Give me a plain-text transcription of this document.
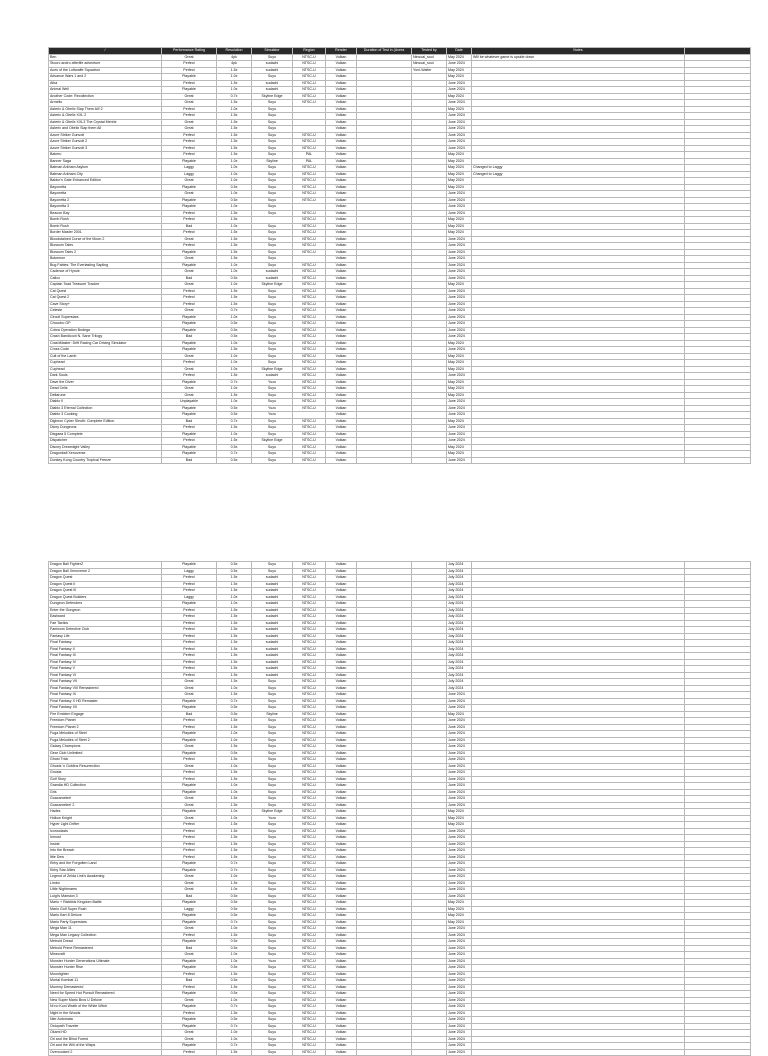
/	Performance Rating	Resolution	Simulator	Region	Render	Duration of Test in (Avera	Tested by	Date	Notes	
Ben	Great	4pk	Suyu	NTSC-U	Vulkan		Ninsoai_soul	May 2024	Will be whatever game is upside down	
Stoorc andro afterlife adventure	Perfect	4pk	sudachi	NTSC-U	Vulkan		Ninsoai_soul	June 2024		
Aces of the Luftwaffe Squadron	Perfect	1.5x	sudachi	NTSC-U	Vulkan		Yuni-Waifer	May 2024		
Advance Wars 1 and 2	Playable	1.0x	Suyu	NTSC-U	Vulkan			May 2024		
Alba	Perfect	1.5x	sudachi	NTSC-U	Vulkan			June 2024		
Animal Well	Playable	1.0x	sudachi	NTSC-U	Vulkan			June 2024		
Another Code: Recollection	Great	0.7x	Skyline Edge	NTSC-U	Vulkan			May 2024		
Armello	Great	1.5x	Suyu	NTSC-U	Vulkan			June 2024		
Asterix & Obelix Slap Them All! 2	Perfect	1.0x	Suyu		Vulkan			May 2024		
Asterix & Obelix XXL 2	Perfect	1.5x	Suyu		Vulkan			June 2024		
Asterix & Obelix XXL3 The Crystal Menhir	Great	1.5x	Suyu		Vulkan			June 2024		
Asterix and Obelix Slap them All	Great	1.5x	Suyu		Vulkan			June 2024		
Azure Striker Gunvolt	Perfect	1.5x	Suyu	NTSC-U	Vulkan			June 2024		
Azure Striker Gunvolt 2	Perfect	1.5x	Suyu	NTSC-U	Vulkan			June 2024		
Azure Striker Gunvolt 3	Perfect	1.5x	Suyu	NTSC-U	Vulkan			June 2024		
Bakeru	Perfect	1.5x	Suyu	PAL	Vulkan			May 2024		
Banner Saga	Playable	1.0x	Skyline	PAL	Vulkan			May 2024		
Batman Arkham Asylum	Laggy	1.0x	Suyu	NTSC-U	Vulkan			May 2024	Changed to Laggy	
Batman Arkham City	Laggy	1.0x	Suyu	NTSC-U	Vulkan			May 2024	Changed to Laggy	
Baldur's Gate Enhanced Edition	Great	1.0x	Suyu	NTSC-U	Vulkan			May 2024		
Bayonetta	Playable	0.5x	Suyu	NTSC-U	Vulkan			May 2024		
Bayonetta	Great	1.0x	Suyu	NTSC-U	Vulkan			June 2024		
Bayonetta 2	Playable	0.5x	Suyu	NTSC-U	Vulkan			June 2024		
Bayonetta 3	Playable	1.0x	Suyu		Vulkan			June 2024		
Beacon Bay	Perfect	1.5x	Suyu	NTSC-U	Vulkan			June 2024		
Bomb Rush	Perfect	1.5x		NTSC-U	Vulkan			May 2024		
Bomb Rush	Bad	1.0x	Suyu	NTSC-U	Vulkan			May 2024		
Border Master 2001	Perfect	1.5x	Suyu	NTSC-U	Vulkan			May 2024		
Bloodstained Curse of the Moon 2	Great	1.5x	Suyu	NTSC-U	Vulkan			June 2024		
Blossom Tales	Perfect	1.5x	Suyu	NTSC-U	Vulkan			June 2024		
Blossom Tales 2	Playable	1.5x	Suyu	NTSC-U	Vulkan			June 2024		
Bokemon	Great	1.5x	Suyu		Vulkan			June 2024		
Bug Fables: The Everlasting Sapling	Playable	1.0x	Suyu	NTSC-U	Vulkan			June 2024		
Cadence of Hyrule	Great	1.0x	sudachi	NTSC-U	Vulkan			June 2024		
Calico	Bad	0.5x	sudachi	NTSC-U	Vulkan			June 2024		
Captain Toad Treasure Tracker	Great	1.0x	Skyline Edge	NTSC-U	Vulkan			May 2024		
Cat Quest	Perfect	1.5x	Suyu	NTSC-U	Vulkan			June 2024		
Cat Quest 2	Perfect	1.5x	Suyu	NTSC-U	Vulkan			June 2024		
Cave Story+	Perfect	1.5x	Suyu	NTSC-U	Vulkan			June 2024		
Celeste	Great	0.7x	Suyu	NTSC-U	Vulkan			June 2024		
Circuit Superstars	Playable	1.0x	Suyu	NTSC-U	Vulkan			June 2024		
Chocobo GP	Playable	0.5x	Suyu	NTSC-U	Vulkan			June 2024		
Cobra Operation Bodega	Playable	0.5x	Suyu	NTSC-U	Vulkan			June 2024		
Crash Bandicoot N. Sane Trilogy	Bad	0.5x	Suyu	NTSC-U	Vulkan			June 2024		
CrashMaster: Drift Racing Car Driving Simulator	Playable	1.0x	Suyu	NTSC-U	Vulkan			May 2024		
Cross Code	Playable	1.5x	Suyu	NTSC-U	Vulkan			June 2024		
Cult of the Lamb	Great	1.0x	Suyu	NTSC-U	Vulkan			May 2024		
Cuphead	Perfect	1.0x	Suyu	NTSC-U	Vulkan			May 2024		
Cuphead	Great	1.0x	Skyline Edge	NTSC-U	Vulkan			May 2024		
Dark Souls	Perfect	1.5x	sudachi	NTSC-U	Vulkan			June 2024		
Dave the Diver	Playable	0.7x	Yuzu	NTSC-U	Vulkan			May 2024		
Dead Cells	Great	1.0x	Suyu	NTSC-U	Vulkan			May 2024		
Deltarune	Great	1.5x	Suyu	NTSC-U	Vulkan			May 2024		
Diablo II	Unplayable	1.0x	Suyu	NTSC-U	Vulkan			June 2024		
Diablo 3 Eternal Collection	Playable	0.5x	Yuzu	NTSC-U	Vulkan			June 2024		
Diablo 3 Cooking	Playable	0.5x	Yuzu		Vulkan			June 2024		
Digimon Cyber Sleuth: Complete Edition	Bad	0.7x	Suyu	NTSC-U	Vulkan			May 2024		
Dicey Dungeons	Perfect	1.5x	Suyu	NTSC-U	Vulkan			June 2024		
Disgaea 5 Complete	Playable	1.0x	Suyu	NTSC-U	Vulkan			June 2024		
Dispatcher	Perfect	1.5x	Skyline Edge	NTSC-U	Vulkan			June 2024		
Disney Dreamlight Valley	Playable	0.5x	Suyu	NTSC-U	Vulkan			May 2024		
Dragonball Xenoverse	Playable	0.7x	Suyu	NTSC-U	Vulkan			May 2024		
Donkey Kong Country Tropical Freeze	Bad	0.5x	Suyu	NTSC-U	Vulkan			June 2024		
Dragon Ball FighterZ	Playable	0.5x	Suyu	NTSC-U	Vulkan			July 2024		
Dragon Ball Xenoverse 2	Laggy	0.5x	Suyu	NTSC-U	Vulkan			July 2024		
Dragon Quest	Perfect	1.5x	sudachi	NTSC-U	Vulkan			July 2024		
Dragon Quest II	Perfect	1.5x	sudachi	NTSC-U	Vulkan			July 2024		
Dragon Quest III	Perfect	1.5x	sudachi	NTSC-U	Vulkan			July 2024		
Dragon Quest Builders	Laggy	1.0x	sudachi	NTSC-U	Vulkan			July 2024		
Dungeon Defenders	Playable	1.0x	sudachi	NTSC-U	Vulkan			July 2024		
Enter the Gungeon	Perfect	1.5x	sudachi	NTSC-U	Vulkan			July 2024		
Eastward	Perfect	1.5x	sudachi	NTSC-U	Vulkan			July 2024		
Fae Tactics	Perfect	1.5x	sudachi	NTSC-U	Vulkan			July 2024		
Famicom Detective Club	Perfect	1.5x	sudachi	NTSC-U	Vulkan			July 2024		
Fantasy Life	Perfect	1.5x	sudachi	NTSC-U	Vulkan			July 2024		
Final Fantasy	Perfect	1.5x	sudachi	NTSC-U	Vulkan			July 2024		
Final Fantasy II	Perfect	1.5x	sudachi	NTSC-U	Vulkan			July 2024		
Final Fantasy III	Perfect	1.5x	sudachi	NTSC-U	Vulkan			July 2024		
Final Fantasy IV	Perfect	1.5x	sudachi	NTSC-U	Vulkan			July 2024		
Final Fantasy V	Perfect	1.5x	sudachi	NTSC-U	Vulkan			July 2024		
Final Fantasy VI	Perfect	1.5x	sudachi	NTSC-U	Vulkan			July 2024		
Final Fantasy VII	Great	1.5x	Suyu	NTSC-U	Vulkan			July 2024		
Final Fantasy VIII Remastered	Great	1.0x	Suyu	NTSC-U	Vulkan			July 2024		
Final Fantasy IX	Great	1.5x	Suyu	NTSC-U	Vulkan			June 2024		
Final Fantasy X HD Remaster	Playable	0.7x	Suyu	NTSC-U	Vulkan			June 2024		
Final Fantasy XII	Playable	0.5x	Suyu	NTSC-U	Vulkan			June 2024		
Fire Emblem Engage	Bad	0.5x	Skyline	NTSC-U	Vulkan			May 2024		
Freedom Planet	Perfect	1.5x	Suyu	NTSC-U	Vulkan			June 2024		
Freedom Planet 2	Perfect	1.5x	Suyu	NTSC-U	Vulkan			June 2024		
Fuga Melodies of Steel	Playable	1.0x	Suyu	NTSC-U	Vulkan			June 2024		
Fuga Melodies of Steel 2	Playable	1.0x	Suyu	NTSC-U	Vulkan			June 2024		
Galaxy Champions	Great	1.5x	Suyu	NTSC-U	Vulkan			June 2024		
Gear Club Unlimited	Playable	0.5x	Suyu	NTSC-U	Vulkan			June 2024		
Ghost Trick	Perfect	1.5x	Suyu	NTSC-U	Vulkan			June 2024		
Ghosts 'n Goblins Resurrection	Great	1.0x	Suyu	NTSC-U	Vulkan			June 2024		
Gnosia	Perfect	1.5x	Suyu	NTSC-U	Vulkan			June 2024		
Golf Story	Perfect	1.5x	Suyu	NTSC-U	Vulkan			June 2024		
Grandia HD Collection	Playable	1.0x	Suyu	NTSC-U	Vulkan			June 2024		
Gris	Playable	1.0x	Suyu	NTSC-U	Vulkan			June 2024		
Guacamelee!	Great	1.5x	Suyu	NTSC-U	Vulkan			June 2024		
Guacamelee! 2	Great	1.5x	Suyu	NTSC-U	Vulkan			June 2024		
Hades	Playable	1.0x	Skyline Edge	NTSC-U	Vulkan			May 2024		
Hollow Knight	Great	1.0x	Yuzu	NTSC-U	Vulkan			May 2024		
Hyper Light Drifter	Perfect	1.5x	Suyu	NTSC-U	Vulkan			May 2024		
Iconoclasts	Perfect	1.5x	Suyu	NTSC-U	Vulkan			June 2024		
Inmost	Perfect	1.5x	Suyu	NTSC-U	Vulkan			June 2024		
Inside	Perfect	1.5x	Suyu	NTSC-U	Vulkan			June 2024		
Into the Breach	Perfect	1.5x	Suyu	NTSC-U	Vulkan			June 2024		
Ittle Dew	Perfect	1.5x	Suyu	NTSC-U	Vulkan			June 2024		
Kirby and the Forgotten Land	Playable	0.7x	Suyu	NTSC-U	Vulkan			June 2024		
Kirby Star Allies	Playable	0.7x	Suyu	NTSC-U	Vulkan			June 2024		
Legend of Zelda Link's Awakening	Great	1.0x	Suyu	NTSC-U	Vulkan			June 2024		
Limbo	Great	1.5x	Suyu	NTSC-U	Vulkan			June 2024		
Little Nightmares	Great	1.0x	Suyu	NTSC-U	Vulkan			June 2024		
Luigi's Mansion 3	Bad	0.5x	Suyu	NTSC-U	Vulkan			June 2024		
Mario + Rabbids Kingdom Battle	Playable	0.5x	Suyu	NTSC-U	Vulkan			May 2024		
Mario Golf Super Rush	Laggy	0.5x	Suyu	NTSC-U	Vulkan			May 2024		
Mario Kart 8 Deluxe	Playable	0.5x	Suyu	NTSC-U	Vulkan			May 2024		
Mario Party Superstars	Playable	0.7x	Suyu	NTSC-U	Vulkan			May 2024		
Mega Man 11	Great	1.0x	Suyu	NTSC-U	Vulkan			June 2024		
Mega Man Legacy Collection	Perfect	1.5x	Suyu	NTSC-U	Vulkan			June 2024		
Metroid Dread	Playable	0.5x	Suyu	NTSC-U	Vulkan			June 2024		
Metroid Prime Remastered	Bad	0.5x	Suyu	NTSC-U	Vulkan			June 2024		
Minecraft	Great	1.0x	Suyu	NTSC-U	Vulkan			June 2024		
Monster Hunter Generations Ultimate	Playable	1.0x	Yuzu	NTSC-U	Vulkan			June 2024		
Monster Hunter Rise	Playable	0.5x	Suyu	NTSC-U	Vulkan			June 2024		
Moonlighter	Perfect	1.5x	Suyu	NTSC-U	Vulkan			June 2024		
Mortal Kombat 11	Bad	0.5x	Suyu	NTSC-U	Vulkan			June 2024		
Mummy Demastered	Perfect	1.5x	Suyu	NTSC-U	Vulkan			June 2024		
Need for Speed Hot Pursuit Remastered	Playable	0.5x	Suyu	NTSC-U	Vulkan			June 2024		
New Super Mario Bros U Deluxe	Great	1.0x	Suyu	NTSC-U	Vulkan			June 2024		
Ni no Kuni Wrath of the White Witch	Playable	0.7x	Suyu	NTSC-U	Vulkan			June 2024		
Night in the Woods	Perfect	1.5x	Suyu	NTSC-U	Vulkan			June 2024		
Nier Automata	Playable	0.5x	Suyu	NTSC-U	Vulkan			June 2024		
Octopath Traveler	Playable	0.7x	Suyu	NTSC-U	Vulkan			June 2024		
Okami HD	Great	1.0x	Suyu	NTSC-U	Vulkan			June 2024		
Ori and the Blind Forest	Great	1.0x	Suyu	NTSC-U	Vulkan			June 2024		
Ori and the Will of the Wisps	Playable	0.7x	Suyu	NTSC-U	Vulkan			June 2024		
Overcooked 2	Perfect	1.5x	Suyu	NTSC-U	Vulkan			June 2024		
